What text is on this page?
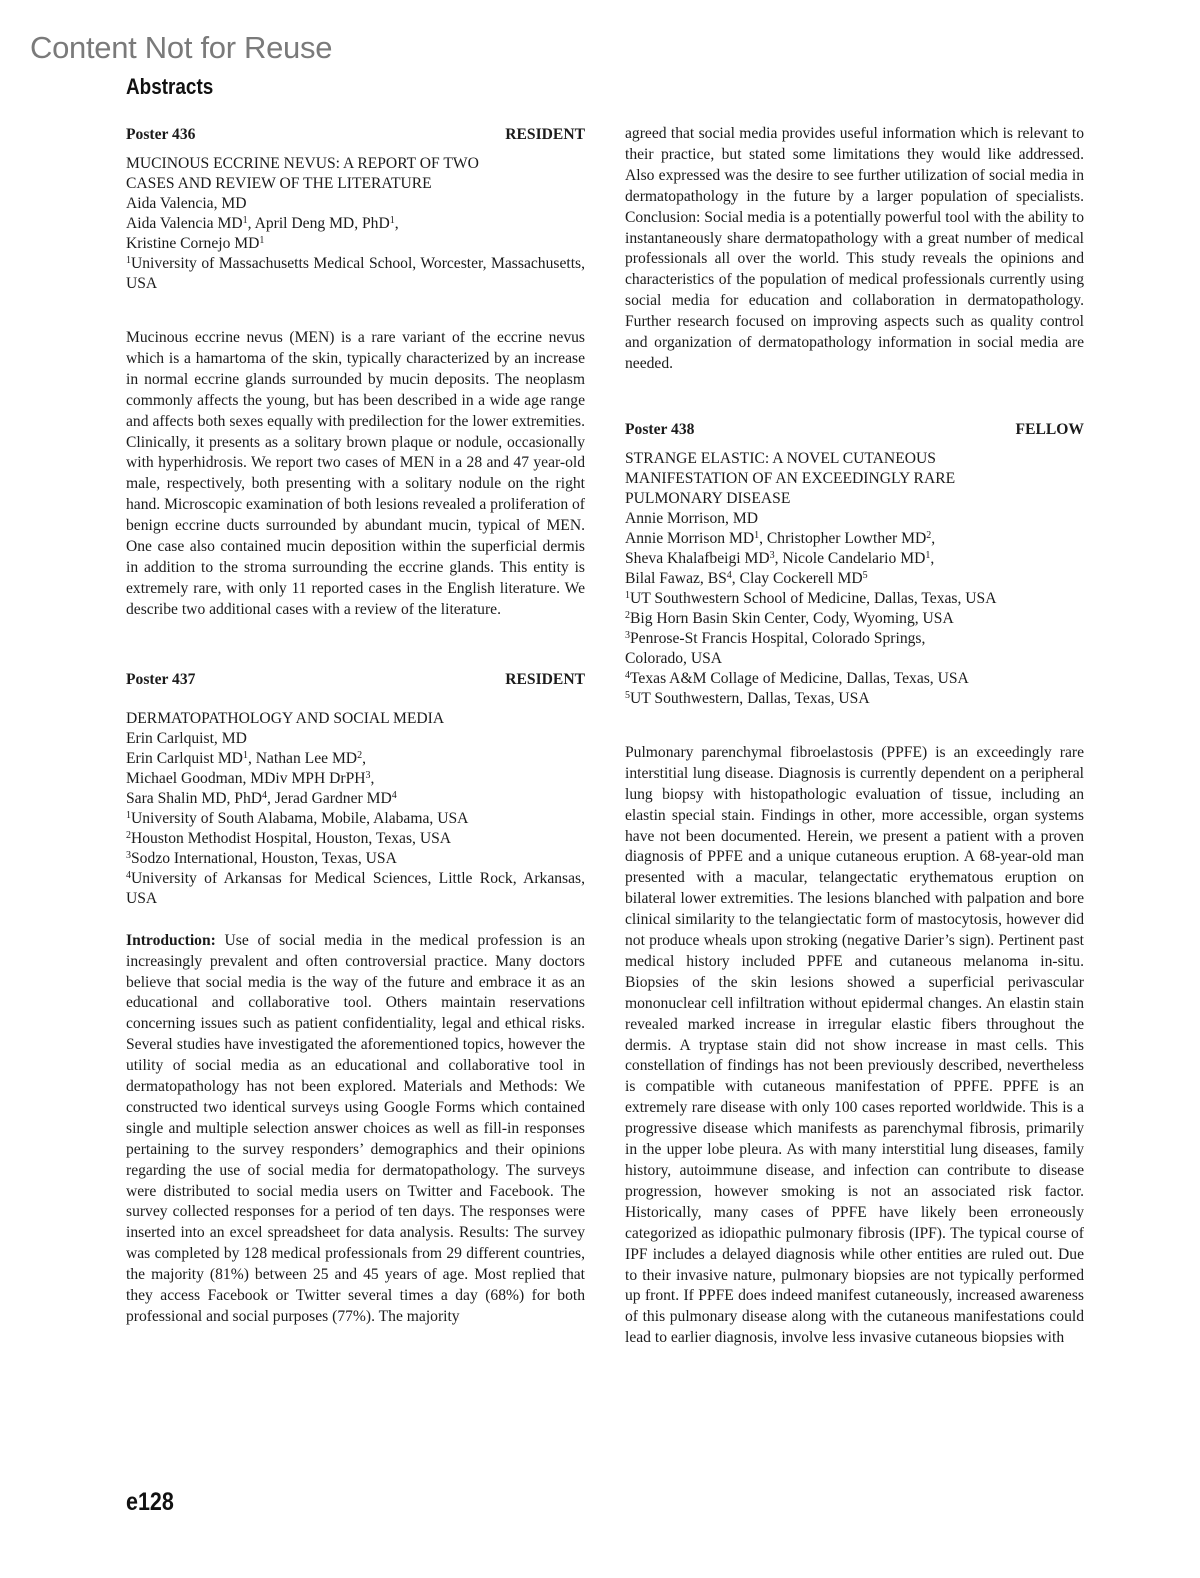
Content Not for Reuse
Abstracts
Poster 436	RESIDENT
MUCINOUS ECCRINE NEVUS: A REPORT OF TWO
CASES AND REVIEW OF THE LITERATURE
Aida Valencia, MD
Aida Valencia $MD^1$, April Deng MD, PhD$^1$,
Kristine Cornejo $MD^1$
$^1$University of Massachusetts Medical School, Worcester, Massachusetts, USA

Mucinous eccrine nevus (MEN) is a rare variant of the eccrine nevus which is a hamartoma of the skin, typically characterized by an increase in normal eccrine glands surrounded by mucin deposits. The neoplasm commonly affects the young, but has been described in a wide age range and affects both sexes equally with predilection for the lower extremities. Clinically, it presents as a solitary brown plaque or nodule, occasionally with hyperhidrosis. We report two cases of MEN in a 28 and 47 year-old male, respectively, both presenting with a solitary nodule on the right hand. Microscopic examination of both lesions revealed a proliferation of benign eccrine ducts surrounded by abundant mucin, typical of MEN. One case also contained mucin deposition within the superficial dermis in addition to the stroma surrounding the eccrine glands. This entity is extremely rare, with only 11 reported cases in the English literature. We describe two additional cases with a review of the literature.

Poster 437	RESIDENT
DERMATOPATHOLOGY AND SOCIAL MEDIA
Erin Carlquist, MD
Erin Carlquist $MD^1$, Nathan Lee $MD^2$,
Michael Goodman, MDiv MPH DrPH$^3$,
Sara Shalin MD, PhD$^4$, Jerad Gardner $MD^4$
$^1$University of South Alabama, Mobile, Alabama, USA
$^2$Houston Methodist Hospital, Houston, Texas, USA
$^3$Sodzo International, Houston, Texas, USA
$^4$University of Arkansas for Medical Sciences, Little Rock, Arkansas, USA

Introduction: Use of social media in the medical profession is an increasingly prevalent and often controversial practice. Many doctors believe that social media is the way of the future and embrace it as an educational and collaborative tool. Others maintain reservations concerning issues such as patient confidentiality, legal and ethical risks. Several studies have investigated the aforementioned topics, however the utility of social media as an educational and collaborative tool in dermatopathology has not been explored. Materials and Methods: We constructed two identical surveys using Google Forms which contained single and multiple selection answer choices as well as fill-in responses pertaining to the survey responders’ demographics and their opinions regarding the use of social media for dermatopathology. The surveys were distributed to social media users on Twitter and Facebook. The survey collected responses for a period of ten days. The responses were inserted into an excel spreadsheet for data analysis. Results: The survey was completed by 128 medical professionals from 29 different countries, the majority (81%) between 25 and 45 years of age. Most replied that they access Facebook or Twitter several times a day (68%) for both professional and social purposes (77%). The majority

agreed that social media provides useful information which is relevant to their practice, but stated some limitations they would like addressed. Also expressed was the desire to see further utilization of social media in dermatopathology in the future by a larger population of specialists. Conclusion: Social media is a potentially powerful tool with the ability to instantaneously share dermatopathology with a great number of medical professionals all over the world. This study reveals the opinions and characteristics of the population of medical professionals currently using social media for education and collaboration in dermatopathology. Further research focused on improving aspects such as quality control and organization of dermatopathology information in social media are needed.

Poster 438	FELLOW
STRANGE ELASTIC: A NOVEL CUTANEOUS
MANIFESTATION OF AN EXCEEDINGLY RARE
PULMONARY DISEASE
Annie Morrison, MD
Annie Morrison $MD^1$, Christopher Lowther $MD^2$,
Sheva Khalafbeigi $MD^3$, Nicole Candelario $MD^1$,
Bilal Fawaz, $BS^4$, Clay Cockerell $MD^5$
$^1$UT Southwestern School of Medicine, Dallas, Texas, USA
$^2$Big Horn Basin Skin Center, Cody, Wyoming, USA
$^3$Penrose-St Francis Hospital, Colorado Springs,
Colorado, USA
$^4$Texas A&M Collage of Medicine, Dallas, Texas, USA
$^5$UT Southwestern, Dallas, Texas, USA

Pulmonary parenchymal fibroelastosis (PPFE) is an exceedingly rare interstitial lung disease. Diagnosis is currently dependent on a peripheral lung biopsy with histopathologic evaluation of tissue, including an elastin special stain. Findings in other, more accessible, organ systems have not been documented. Herein, we present a patient with a proven diagnosis of PPFE and a unique cutaneous eruption. A 68-year-old man presented with a macular, telangectatic erythematous eruption on bilateral lower extremities. The lesions blanched with palpation and bore clinical similarity to the telangiectatic form of mastocytosis, however did not produce wheals upon stroking (negative Darier’s sign). Pertinent past medical history included PPFE and cutaneous melanoma in-situ. Biopsies of the skin lesions showed a superficial perivascular mononuclear cell infiltration without epidermal changes. An elastin stain revealed marked increase in irregular elastic fibers throughout the dermis. A tryptase stain did not show increase in mast cells. This constellation of findings has not been previously described, nevertheless is compatible with cutaneous manifestation of PPFE. PPFE is an extremely rare disease with only 100 cases reported worldwide. This is a progressive disease which manifests as parenchymal fibrosis, primarily in the upper lobe pleura. As with many interstitial lung diseases, family history, autoimmune disease, and infection can contribute to disease progression, however smoking is not an associated risk factor. Historically, many cases of PPFE have likely been erroneously categorized as idiopathic pulmonary fibrosis (IPF). The typical course of IPF includes a delayed diagnosis while other entities are ruled out. Due to their invasive nature, pulmonary biopsies are not typically performed up front. If PPFE does indeed manifest cutaneously, increased awareness of this pulmonary disease along with the cutaneous manifestations could lead to earlier diagnosis, involve less invasive cutaneous biopsies with

e128
